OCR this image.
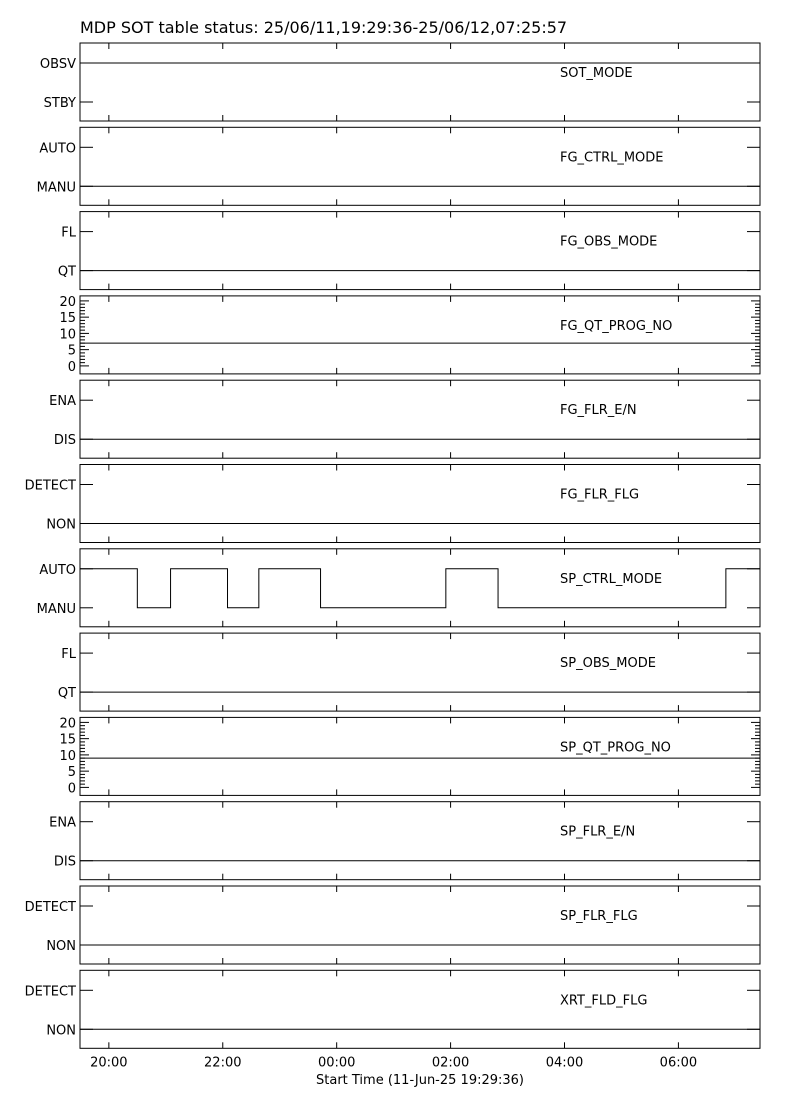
MDP SOT table status: 25/06/11,19:29:36-25/06/12,07:25:57
OBSV
STBY
SOT_MODE
AUTO
MANU
FG_CTRL_MODE
FL
QT
FG_OBS_MODE
20
15
10
5
0
FG_QT_PROG_NO
ENA
DIS
FG_FLR_E/N
DETECT
NON
FG_FLR_FLG
AUTO
MANU
SP_CTRL_MODE
FL
QT
SP_OBS_MODE
20
15
10
5
0
SP_QT_PROG_NO
ENA
DIS
SP_FLR_E/N
DETECT
NON
SP_FLR_FLG
DETECT
NON
XRT_FLD_FLG
20:00	22:00	00:00	02:00	04:00	06:00
Start Time (11-Jun-25 19:29:36)
